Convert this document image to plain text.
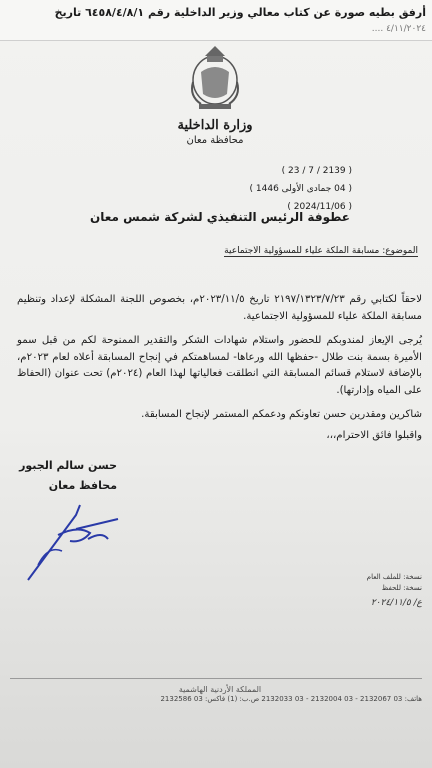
أرفق بطيه صورة عن كتاب معالي وزير الداخلية رقم ٦٤٥٨/٤/٨/١ تاريخ
٤/١١/٢٠٢٤ ....
وزارة الداخلية
محافظة معان
( 2139 / 7 / 23 )
( 04 جمادى الأولى 1446 )
( 2024/11/06 )
عطوفة الرئيس التنفيذي لشركة شمس معان
الموضوع: مسابقة الملكة علياء للمسؤولية الاجتماعية

لاحقاً لكتابي رقم ٢١٩٧/١٣٢٣/٧/٢٣ تاريخ ٢٠٢٣/١١/٥م، بخصوص اللجنة المشكلة لإعداد وتنظيم مسابقة الملكة علياء للمسؤولية الاجتماعية.

يُرجى الإيعاز لمندوبكم للحضور واستلام شهادات الشكر والتقدير الممنوحة لكم من قبل سمو الأميرة بسمة بنت طلال -حفظها الله ورعاها- لمساهمتكم في إنجاح المسابقة أعلاه لعام ٢٠٢٣م، بالإضافة لاستلام قسائم المسابقة التي انطلقت فعالياتها لهذا العام (٢٠٢٤م) تحت عنوان (الحفاظ على المياه وإدارتها).

شاكرين ومقدرين حسن تعاونكم ودعمكم المستمر لإنجاح المسابقة.

واقبلوا فائق الاحترام،،،

حسن سالم الجبور
محافظ معان
نسخة: للملف العام
نسخة: للحفظ
ع/ ٢٠٢٤/١١/٥
المملكة الأردنية الهاشمية
هاتف: 03 2132067 - 03 2132004 - 03 2132033 ص.ب: (1) فاكس: 03 2132586
